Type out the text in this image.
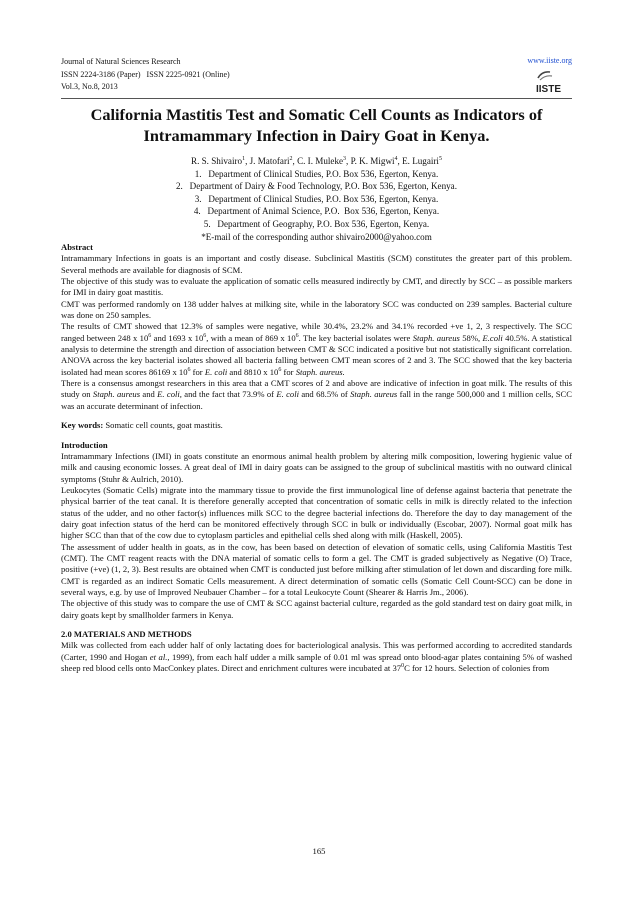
Journal of Natural Sciences Research
ISSN 2224-3186 (Paper)   ISSN 2225-0921 (Online)
Vol.3, No.8, 2013
www.iiste.org
IISTE
California Mastitis Test and Somatic Cell Counts as Indicators of Intramammary Infection in Dairy Goat in Kenya.
R. S. Shivairo$^1$, J. Matofari$^2$, C. I. Muleke$^3$, P. K. Migwi$^4$, E. Lugairi$^5$
1.   Department of Clinical Studies, P.O. Box 536, Egerton, Kenya.
2.   Department of Dairy & Food Technology, P.O. Box 536, Egerton, Kenya.
3.   Department of Clinical Studies, P.O. Box 536, Egerton, Kenya.
4.   Department of Animal Science, P.O.  Box 536, Egerton, Kenya.
5.   Department of Geography, P.O. Box 536, Egerton, Kenya.
*E-mail of the corresponding author shivairo2000@yahoo.com
Abstract

Intramammary Infections in goats is an important and costly disease. Subclinical Mastitis (SCM) constitutes the greater part of this problem. Several methods are available for diagnosis of SCM.

The objective of this study was to evaluate the application of somatic cells measured indirectly by CMT, and directly by SCC – as possible markers for IMI in dairy goat mastitis.

CMT was performed randomly on 138 udder halves at milking site, while in the laboratory SCC was conducted on 239 samples. Bacterial culture was done on 250 samples.

The results of CMT showed that 12.3% of samples were negative, while 30.4%, 23.2% and 34.1% recorded +ve 1, 2, 3 respectively. The SCC ranged between 248 x $10^6$ and 1693 x $10^6$, with a mean of 869 x $10^6$. The key bacterial isolates were Staph. aureus 58%, E.coli 40.5%. A statistical analysis to determine the strength and direction of association between CMT & SCC indicated a positive but not statistically significant correlation. ANOVA across the key bacterial isolates showed all bacteria falling between CMT mean scores of 2 and 3. The SCC showed that the key bacteria isolated had mean scores 86169 x $10^6$ for E. coli and 8810 x $10^6$ for Staph. aureus.

There is a consensus amongst researchers in this area that a CMT scores of 2 and above are indicative of infection in goat milk. The results of this study on Staph. aureus and E. coli, and the fact that 73.9% of E. coli and 68.5% of Staph. aureus fall in the range 500,000 and 1 million cells, SCC was an accurate determinant of infection.

Key words: Somatic cell counts, goat mastitis.

Introduction

Intramammary Infections (IMI) in goats constitute an enormous animal health problem by altering milk composition, lowering hygienic value of milk and causing economic losses. A great deal of IMI in dairy goats can be assigned to the group of subclinical mastitis with no outward clinical symptoms (Stuhr & Aulrich, 2010).

Leukocytes (Somatic Cells) migrate into the mammary tissue to provide the first immunological line of defense against bacteria that penetrate the physical barrier of the teat canal. It is therefore generally accepted that concentration of somatic cells in milk is directly related to the infection status of the udder, and no other factor(s) influences milk SCC to the degree bacterial infections do. Therefore the day to day management of the dairy goat infection status of the herd can be monitored effectively through SCC in bulk or individually (Escobar, 2007). Normal goat milk has higher SCC than that of the cow due to cytoplasm particles and epithelial cells shed along with milk (Haskell, 2005).

The assessment of udder health in goats, as in the cow, has been based on detection of elevation of somatic cells, using California Mastitis Test (CMT). The CMT reagent reacts with the DNA material of somatic cells to form a gel. The CMT is graded subjectively as Negative (O) Trace, positive (+ve) (1, 2, 3). Best results are obtained when CMT is conducted just before milking after stimulation of let down and discarding fore milk. CMT is regarded as an indirect Somatic Cells measurement. A direct determination of somatic cells (Somatic Cell Count-SCC) can be done in several ways, e.g. by use of Improved Neubauer Chamber – for a total Leukocyte Count (Shearer & Harris Jm., 2006).

The objective of this study was to compare the use of CMT & SCC against bacterial culture, regarded as the gold standard test on dairy goat milk, in dairy goats kept by smallholder farmers in Kenya.

2.0 MATERIALS AND METHODS

Milk was collected from each udder half of only lactating does for bacteriological analysis. This was performed according to accredited standards (Carter, 1990 and Hogan et al., 1999), from each half udder a milk sample of 0.01 ml was spread onto blood-agar plates containing 5% of washed sheep red blood cells onto MacConkey plates. Direct and enrichment cultures were incubated at $37^0C$ for 12 hours. Selection of colonies from

165
